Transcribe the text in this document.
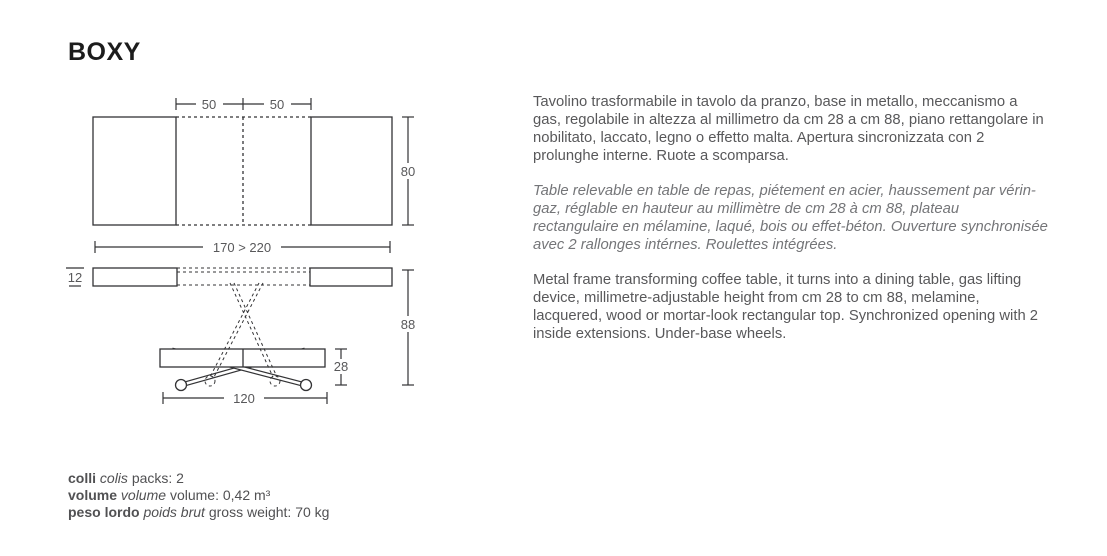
BOXY
50	50
80
170 > 220
12
28
88
120

Tavolino trasformabile in tavolo da pranzo, base in metallo, meccanismo a gas, regolabile in altezza al millimetro da cm 28 a cm 88, piano rettangolare in nobilitato, laccato, legno o effetto malta. Apertura sincronizzata con 2 prolunghe interne. Ruote a scomparsa.

Table relevable en table de repas, piétement en acier, haussement par vérin-gaz, réglable en hauteur au millimètre de cm 28 à cm 88, plateau rectangulaire en mélamine, laqué, bois ou effet-béton. Ouverture synchronisée avec 2 rallonges intérnes. Roulettes intégrées.

Metal frame transforming coffee table, it turns into a dining table, gas lifting device, millimetre-adjustable height from cm 28 to cm 88, melamine, lacquered, wood or mortar-look rectangular top. Synchronized opening with 2 inside extensions. Under-base wheels.

colli colis packs: 2
volume volume volume: 0,42 m³
peso lordo poids brut gross weight: 70 kg
